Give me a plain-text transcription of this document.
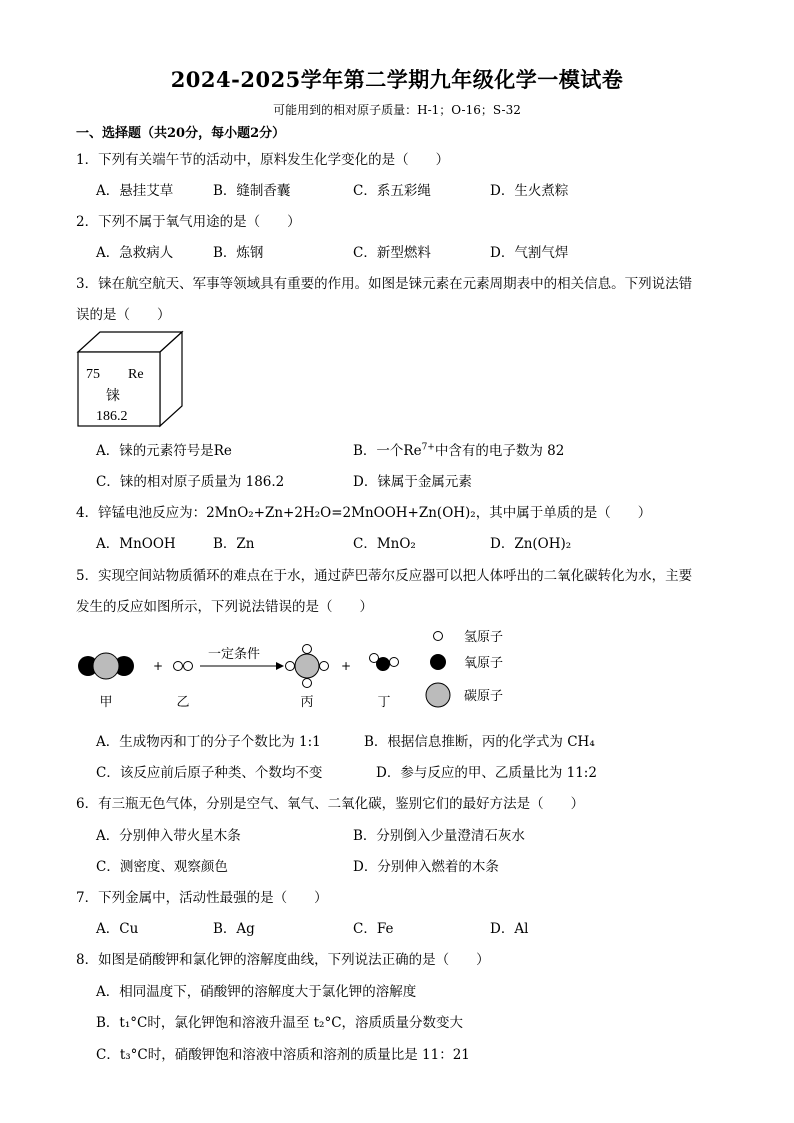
2024-2025学年第二学期九年级化学一模试卷
可能用到的相对原子质量：H-1；O-16；S-32
一、选择题（共20分，每小题2分）
1．下列有关端午节的活动中，原料发生化学变化的是（　　）
A．悬挂艾草	B．缝制香囊	C．系五彩绳	D．生火煮粽
2．下列不属于氧气用途的是（　　）
A．急救病人	B．炼钢	C．新型燃料	D．气割气焊
3．铼在航空航天、军事等领域具有重要的作用。如图是铼元素在元素周期表中的相关信息。下列说法错
误的是（　　）
75 Re
铼
186.2
A．铼的元素符号是Re	B．一个$Re^{7+}$中含有的电子数为 82
C．铼的相对原子质量为 186.2	D．铼属于金属元素
4．锌锰电池反应为：2MnO₂+Zn+2H₂O=2MnOOH+Zn(OH)₂，其中属于单质的是（　　）
A．MnOOH	B．Zn	C．MnO₂	D．Zn(OH)₂
5．实现空间站物质循环的难点在于水，通过萨巴蒂尔反应器可以把人体呼出的二氧化碳转化为水，主要
发生的反应如图所示，下列说法错误的是（　　）
甲
+
乙
一定条件
丙
+
丁
氢原子
氧原子
碳原子
A．生成物丙和丁的分子个数比为 1:1	B．根据信息推断，丙的化学式为 CH₄
C．该反应前后原子种类、个数均不变	D．参与反应的甲、乙质量比为 11:2
6．有三瓶无色气体，分别是空气、氧气、二氧化碳，鉴别它们的最好方法是（　　）
A．分别伸入带火星木条	B．分别倒入少量澄清石灰水
C．测密度、观察颜色	D．分别伸入燃着的木条
7．下列金属中，活动性最强的是（　　）
A．Cu	B．Ag	C．Fe	D．Al
8．如图是硝酸钾和氯化钾的溶解度曲线，下列说法正确的是（　　）
A．相同温度下，硝酸钾的溶解度大于氯化钾的溶解度
B．t₁°C时，氯化钾饱和溶液升温至 t₂°C，溶质质量分数变大
C．t₃°C时，硝酸钾饱和溶液中溶质和溶剂的质量比是 11：21
